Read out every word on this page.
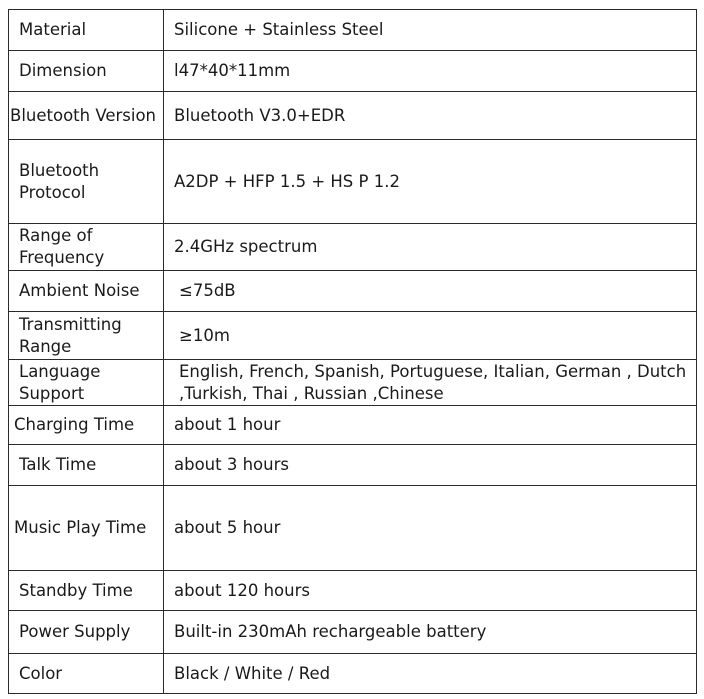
Material	Silicone + Stainless Steel
Dimension	l47*40*11mm
Bluetooth Version	Bluetooth V3.0+EDR
Bluetooth Protocol	A2DP + HFP 1.5 + HS P 1.2
Range of Frequency	2.4GHz spectrum
Ambient Noise	≤75dB
Transmitting Range	≥10m
Language Support	English, French, Spanish, Portuguese, Italian, German , Dutch ,Turkish, Thai , Russian ,Chinese
Charging Time	about 1 hour
Talk Time	about 3 hours
Music Play Time	about 5 hour
Standby Time	about 120 hours
Power Supply	Built-in 230mAh rechargeable battery
Color	Black / White / Red
